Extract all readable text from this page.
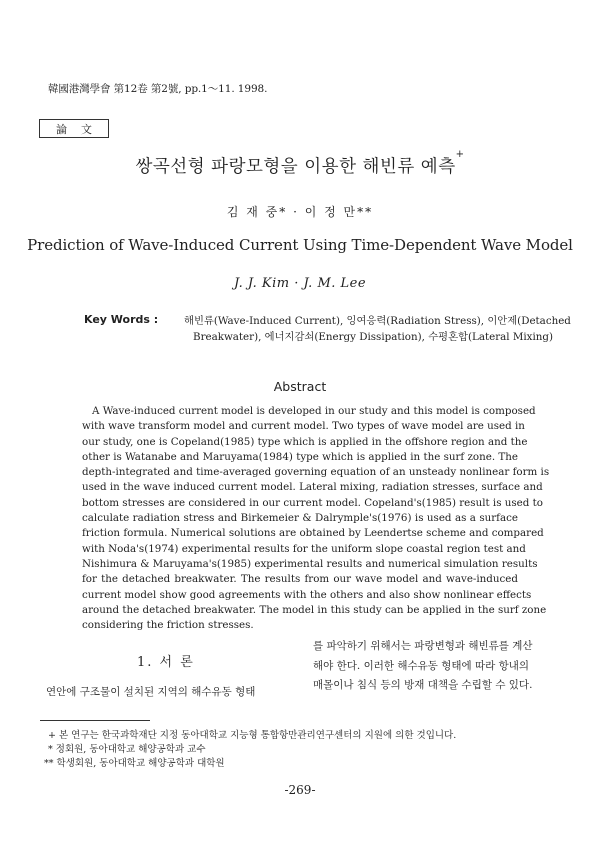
韓國港灣學會 第12卷 第2號, pp.1～11. 1998.
論文
쌍곡선형 파랑모형을 이용한 해빈류 예측+
김 재 중* · 이 정 만**
Prediction of Wave-Induced Current Using Time-Dependent Wave Model
J. J. Kim · J. M. Lee
Key Words :	해빈류(Wave-Induced Current), 잉여응력(Radiation Stress), 이안제(Detached
Breakwater), 에너지감쇠(Energy Dissipation), 수평혼합(Lateral Mixing)
Abstract
A Wave-induced current model is developed in our study and this model is composed
with wave transform model and current model. Two types of wave model are used in
our study, one is Copeland(1985) type which is applied in the offshore region and the
other is Watanabe and Maruyama(1984) type which is applied in the surf zone. The
depth-integrated and time-averaged governing equation of an unsteady nonlinear form is
used in the wave induced current model. Lateral mixing, radiation stresses, surface and
bottom stresses are considered in our current model. Copeland's(1985) result is used to
calculate radiation stress and Birkemeier & Dalrymple's(1976) is used as a surface
friction formula. Numerical solutions are obtained by Leendertse scheme and compared
with Noda's(1974) experimental results for the uniform slope coastal region test and
Nishimura & Maruyama's(1985) experimental results and numerical simulation results
for the detached breakwater. The results from our wave model and wave-induced
current model show good agreements with the others and also show nonlinear effects
around the detached breakwater. The model in this study can be applied in the surf zone
considering the friction stresses.
1. 서 론
연안에 구조물이 설치된 지역의 해수유동 형태
를 파악하기 위해서는 파랑변형과 해빈류를 계산
해야 한다. 이러한 해수유동 형태에 따라 항내의
매몰이나 침식 등의 방재 대책을 수립할 수 있다.
+ 본 연구는 한국과학재단 지정 동아대학교 지능형 통합항만관리연구센터의 지원에 의한 것입니다.
* 정회원, 동아대학교 해양공학과 교수
** 학생회원, 동아대학교 해양공학과 대학원
-269-
